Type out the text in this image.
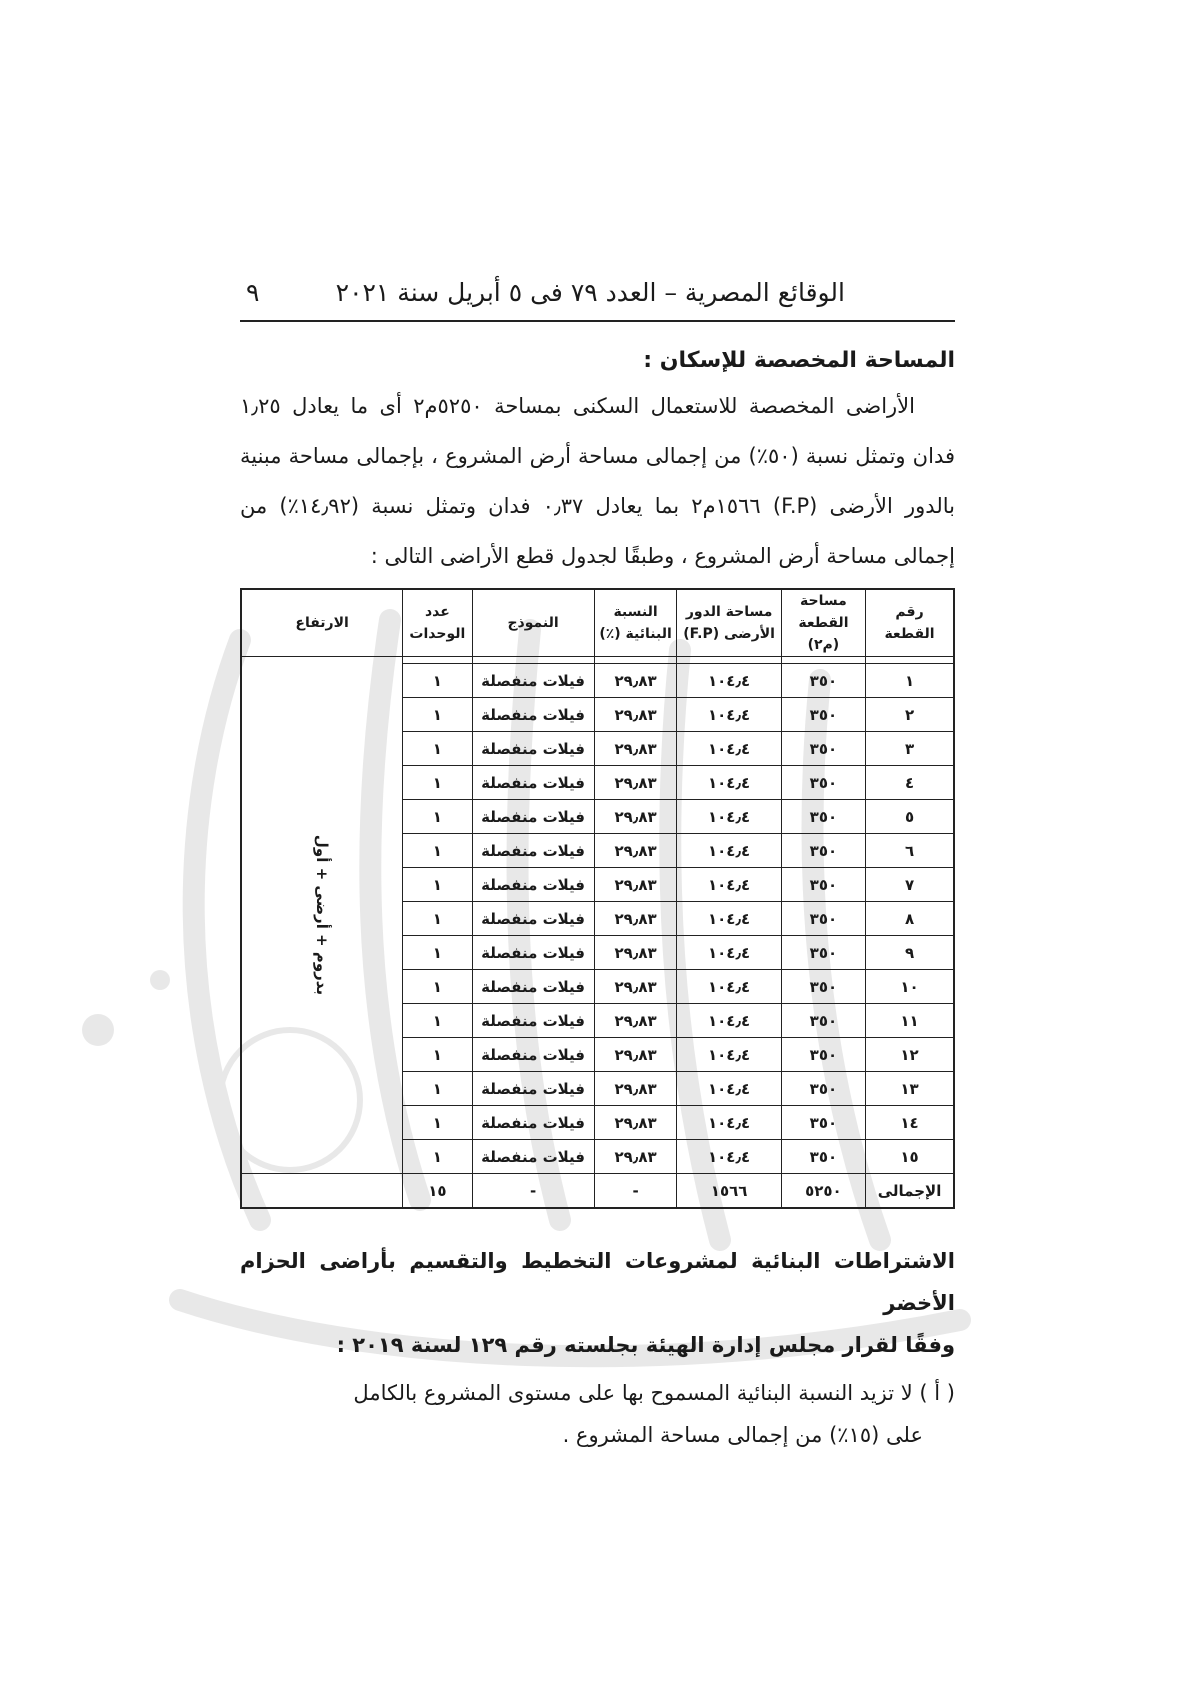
الوقائع المصرية – العدد ٧٩ فى ٥ أبريل سنة ٢٠٢١
٩

المساحة المخصصة للإسكان :

الأراضى المخصصة للاستعمال السكنى بمساحة ٥٢٥٠م٢ أى ما يعادل ١٫٢٥ فدان وتمثل نسبة (٥٠٪) من إجمالى مساحة أرض المشروع ، بإجمالى مساحة مبنية بالدور الأرضى (F.P) ١٥٦٦م٢ بما يعادل ٠٫٣٧ فدان وتمثل نسبة (١٤٫٩٢٪) من إجمالى مساحة أرض المشروع ، وطبقًا لجدول قطع الأراضى التالى :

رقم القطعة	مساحة القطعة (م٢)	مساحة الدور الأرضى (F.P)	النسبة البنائية (٪)	النموذج	عدد الوحدات	الارتفاع
						بدروم + أرضى + أول
١	٣٥٠	١٠٤٫٤	٢٩٫٨٣	فيلات منفصلة	١	
٢	٣٥٠	١٠٤٫٤	٢٩٫٨٣	فيلات منفصلة	١	
٣	٣٥٠	١٠٤٫٤	٢٩٫٨٣	فيلات منفصلة	١	
٤	٣٥٠	١٠٤٫٤	٢٩٫٨٣	فيلات منفصلة	١	
٥	٣٥٠	١٠٤٫٤	٢٩٫٨٣	فيلات منفصلة	١	
٦	٣٥٠	١٠٤٫٤	٢٩٫٨٣	فيلات منفصلة	١	
٧	٣٥٠	١٠٤٫٤	٢٩٫٨٣	فيلات منفصلة	١	
٨	٣٥٠	١٠٤٫٤	٢٩٫٨٣	فيلات منفصلة	١	
٩	٣٥٠	١٠٤٫٤	٢٩٫٨٣	فيلات منفصلة	١	
١٠	٣٥٠	١٠٤٫٤	٢٩٫٨٣	فيلات منفصلة	١	
١١	٣٥٠	١٠٤٫٤	٢٩٫٨٣	فيلات منفصلة	١	
١٢	٣٥٠	١٠٤٫٤	٢٩٫٨٣	فيلات منفصلة	١	
١٣	٣٥٠	١٠٤٫٤	٢٩٫٨٣	فيلات منفصلة	١	
١٤	٣٥٠	١٠٤٫٤	٢٩٫٨٣	فيلات منفصلة	١	
١٥	٣٥٠	١٠٤٫٤	٢٩٫٨٣	فيلات منفصلة	١	
الإجمالى	٥٢٥٠	١٥٦٦	-	-	١٥	

الاشتراطات البنائية لمشروعات التخطيط والتقسيم بأراضى الحزام الأخضر

وفقًا لقرار مجلس إدارة الهيئة بجلسته رقم ١٢٩ لسنة ٢٠١٩ :

( أ ) لا تزيد النسبة البنائية المسموح بها على مستوى المشروع بالكامل
على (١٥٪) من إجمالى مساحة المشروع .
